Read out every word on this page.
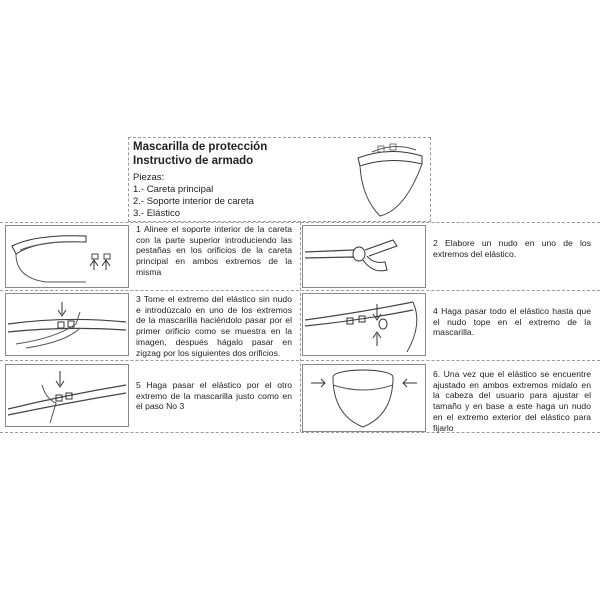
Mascarilla de protección
Instructivo de armado
Piezas:
1.- Careta principal
2.- Soporte interior de careta
3.- Elástico
1 Alinee el soporte interior de la careta con la parte superior introduciendo las pestañas en los orificios de la careta principal en ambos extremos de la misma
2 Elabore un nudo en uno de los extremos del elástico.
3 Tome el extremo del elástico sin nudo e introdúzcalo en uno de los extremos de la mascarilla haciéndolo pasar por el primer orificio como se muestra en la imagen, después hágalo pasar en zigzag por los siguientes dos orificios.
4 Haga pasar todo el elástico hasta que el nudo tope en el extremo de la mascarilla.
5 Haga pasar el elástico por el otro extremo de la mascarilla justo como en el paso No 3
6. Una vez que el elástico se encuentre ajustado en ambos extremos mídalo en la cabeza del usuario para ajustar el tamaño y en base a este haga un nudo en el extremo exterior del elástico para fijarlo
